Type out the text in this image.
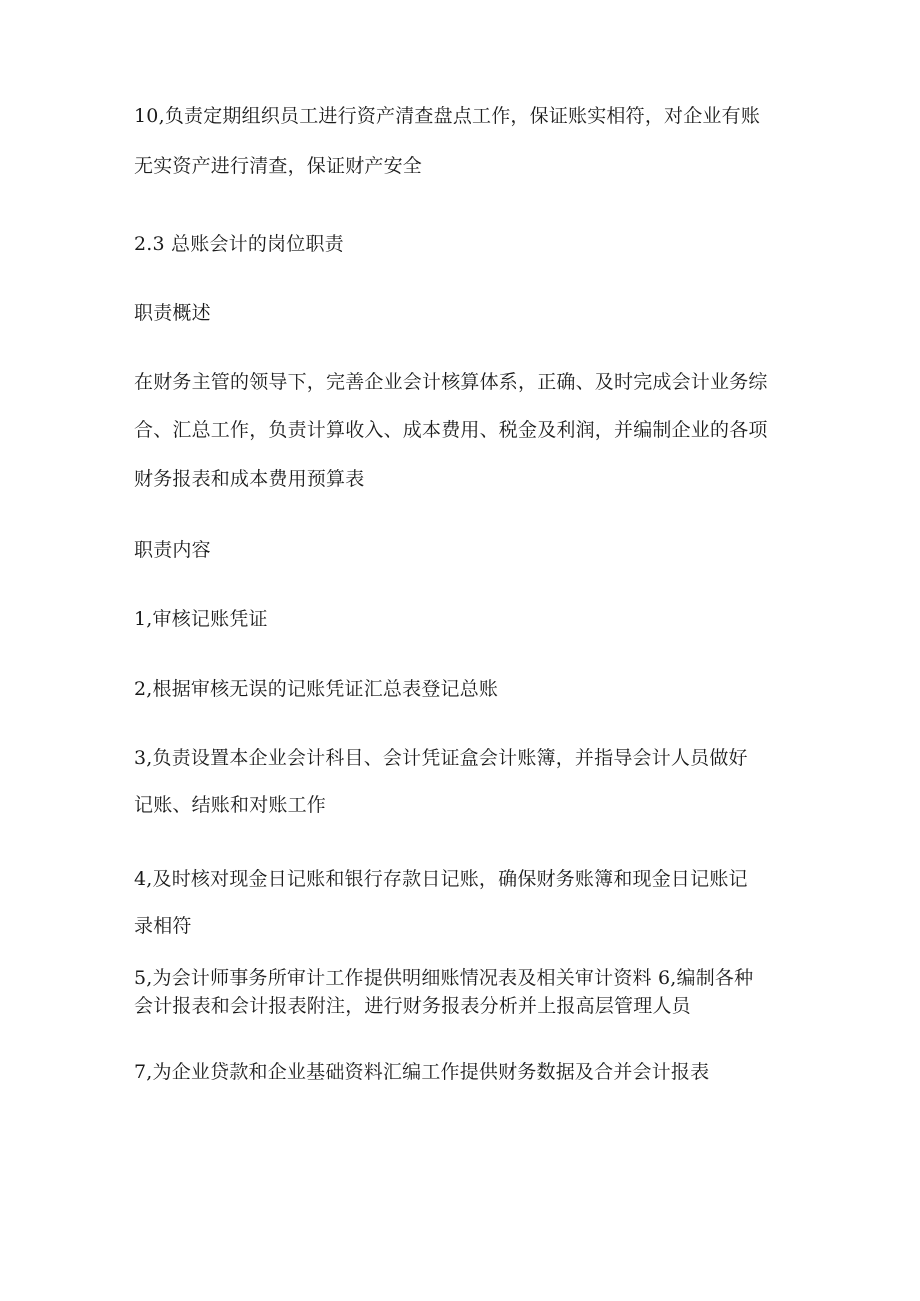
10,负责定期组织员工进行资产清查盘点工作，保证账实相符，对企业有账
无实资产进行清查，保证财产安全
2.3 总账会计的岗位职责
职责概述
在财务主管的领导下，完善企业会计核算体系，正确、及时完成会计业务综
合、汇总工作，负责计算收入、成本费用、税金及利润，并编制企业的各项
财务报表和成本费用预算表
职责内容
1,审核记账凭证
2,根据审核无误的记账凭证汇总表登记总账
3,负责设置本企业会计科目、会计凭证盒会计账簿，并指导会计人员做好
记账、结账和对账工作
4,及时核对现金日记账和银行存款日记账，确保财务账簿和现金日记账记
录相符
5,为会计师事务所审计工作提供明细账情况表及相关审计资料 6,编制各种
会计报表和会计报表附注，进行财务报表分析并上报高层管理人员
7,为企业贷款和企业基础资料汇编工作提供财务数据及合并会计报表
